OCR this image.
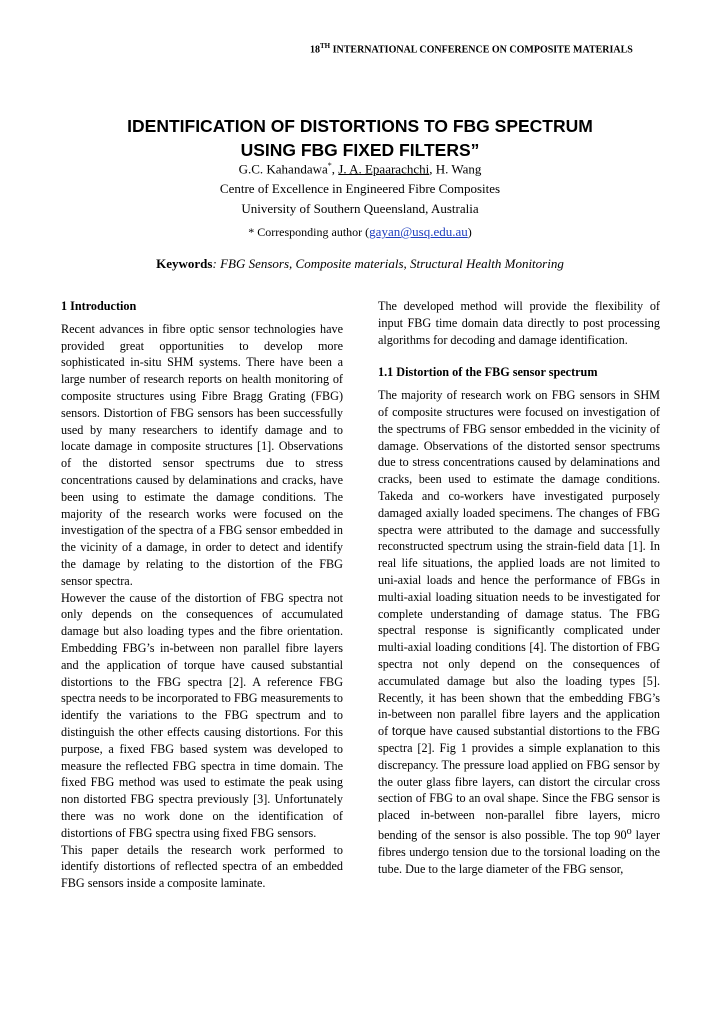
18TH INTERNATIONAL CONFERENCE ON COMPOSITE MATERIALS
IDENTIFICATION OF DISTORTIONS TO FBG SPECTRUM
USING FBG FIXED FILTERS”
G.C. Kahandawa*, J. A. Epaarachchi, H. Wang
Centre of Excellence in Engineered Fibre Composites
University of Southern Queensland, Australia
* Corresponding author (gayan@usq.edu.au)
Keywords: FBG Sensors, Composite materials, Structural Health Monitoring
1 Introduction

Recent advances in fibre optic sensor technologies have provided great opportunities to develop more sophisticated in-situ SHM systems. There have been a large number of research reports on health monitoring of composite structures using Fibre Bragg Grating (FBG) sensors. Distortion of FBG sensors has been successfully used by many researchers to identify damage and to locate damage in composite structures [1]. Observations of the distorted sensor spectrums due to stress concentrations caused by delaminations and cracks, have been using to estimate the damage conditions. The majority of the research works were focused on the investigation of the spectra of a FBG sensor embedded in the vicinity of a damage, in order to detect and identify the damage by relating to the distortion of the FBG sensor spectra.

However the cause of the distortion of FBG spectra not only depends on the consequences of accumulated damage but also loading types and the fibre orientation. Embedding FBG’s in-between non parallel fibre layers and the application of torque have caused substantial distortions to the FBG spectra [2]. A reference FBG spectra needs to be incorporated to FBG measurements to identify the variations to the FBG spectrum and to distinguish the other effects causing distortions. For this purpose, a fixed FBG based system was developed to measure the reflected FBG spectra in time domain. The fixed FBG method was used to estimate the peak using non distorted FBG spectra previously [3]. Unfortunately there was no work done on the identification of distortions of FBG spectra using fixed FBG sensors.

This paper details the research work performed to identify distortions of reflected spectra of an embedded FBG sensors inside a composite laminate.

The developed method will provide the flexibility of input FBG time domain data directly to post processing algorithms for decoding and damage identification.

1.1 Distortion of the FBG sensor spectrum

The majority of research work on FBG sensors in SHM of composite structures were focused on investigation of the spectrums of FBG sensor embedded in the vicinity of damage. Observations of the distorted sensor spectrums due to stress concentrations caused by delaminations and cracks, been used to estimate the damage conditions. Takeda and co-workers have investigated purposely damaged axially loaded specimens. The changes of FBG spectra were attributed to the damage and successfully reconstructed spectrum using the strain-field data [1]. In real life situations, the applied loads are not limited to uni-axial loads and hence the performance of FBGs in multi-axial loading situation needs to be investigated for complete understanding of damage status. The FBG spectral response is significantly complicated under multi-axial loading conditions [4]. The distortion of FBG spectra not only depend on the consequences of accumulated damage but also the loading types [5]. Recently, it has been shown that the embedding FBG’s in-between non parallel fibre layers and the application of torque have caused substantial distortions to the FBG spectra [2]. Fig 1 provides a simple explanation to this discrepancy. The pressure load applied on FBG sensor by the outer glass fibre layers, can distort the circular cross section of FBG to an oval shape. Since the FBG sensor is placed in-between non-parallel fibre layers, micro bending of the sensor is also possible. The top 90$^o$ layer fibres undergo tension due to the torsional loading on the tube. Due to the large diameter of the FBG sensor,
